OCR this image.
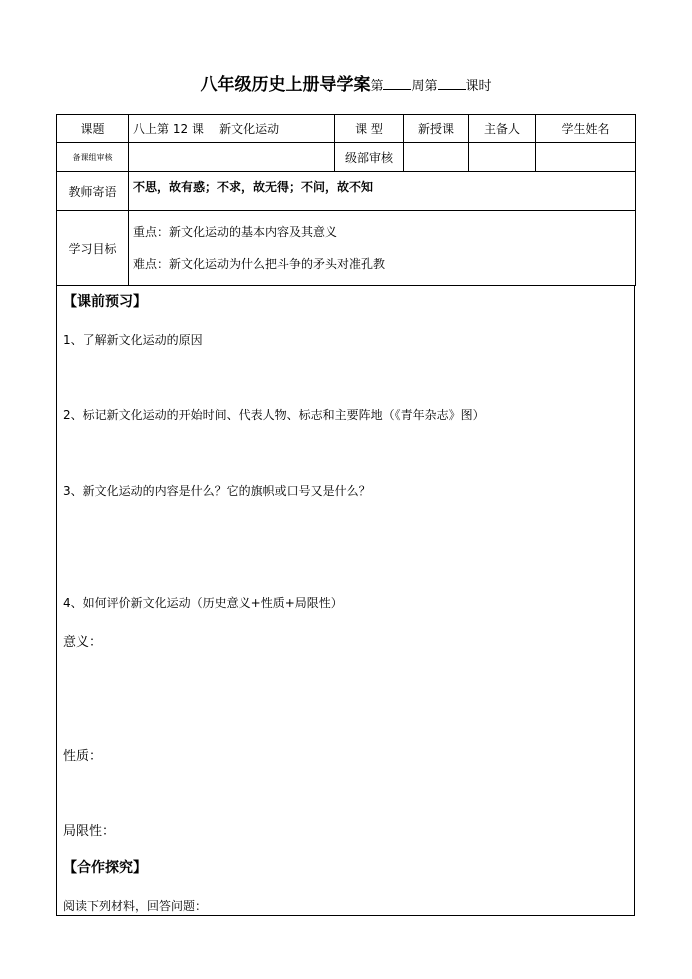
八年级历史上册导学案第 周第 课时
课题	八上第 12 课 新文化运动	课 型	新授课	主备人	学生姓名
备课组审核		级部审核			
教师寄语	不思，故有惑；不求，故无得；不问，故不知				
学习目标	重点：新文化运动的基本内容及其意义
难点：新文化运动为什么把斗争的矛头对准孔教				

【课前预习】

1、了解新文化运动的原因

2、标记新文化运动的开始时间、代表人物、标志和主要阵地（《青年杂志》图）

3、新文化运动的内容是什么？它的旗帜或口号又是什么？

4、如何评价新文化运动（历史意义+性质+局限性）

意义：

性质：

局限性：

【合作探究】

阅读下列材料，回答问题：
